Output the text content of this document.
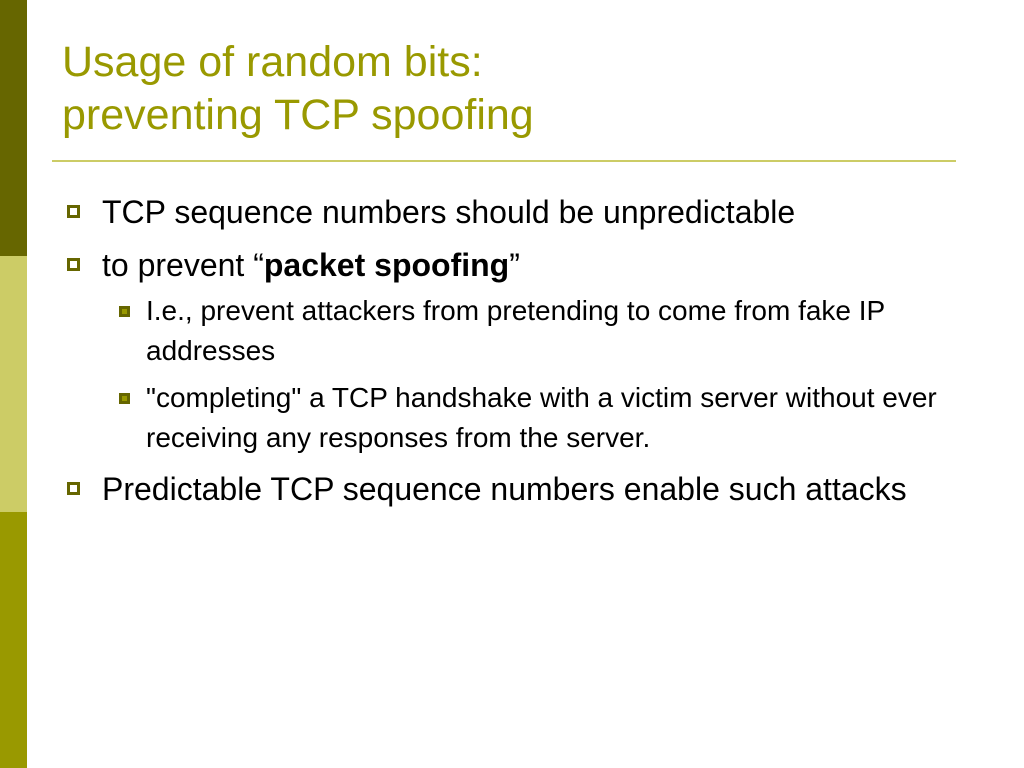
Usage of random bits:
preventing TCP spoofing
TCP sequence numbers should be unpredictable
to prevent “packet spoofing”
I.e., prevent attackers from pretending to come from fake IP addresses
"completing" a TCP handshake with a victim server without ever receiving any responses from the server.
Predictable TCP sequence numbers enable such attacks
